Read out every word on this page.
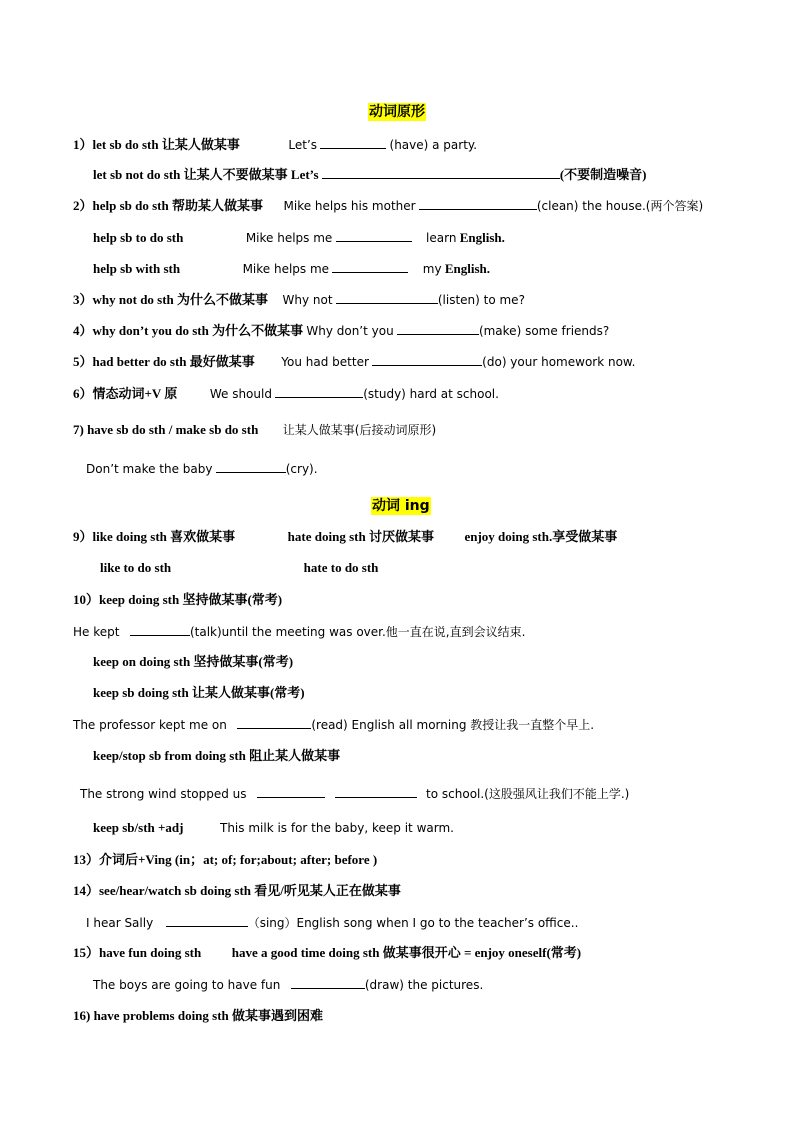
动词原形
1）let sb do sth 让某人做某事	Let’s	(have) a party.
let sb not do sth 让某人不要做某事 Let’s	(不要制造噪音)
2）help sb do sth 帮助某人做某事 Mike helps his mother	(clean) the house.(两个答案)
help sb to do sth	Mike helps me	learn English.
help sb with sth	Mike helps me	my English.
3）why not do sth 为什么不做某事 Why not	(listen) to me?
4）why don’t you do sth 为什么不做某事 Why don’t you	(make) some friends?
5）had better do sth 最好做某事 You had better	(do) your homework now.
6）情态动词+V 原	We should	(study) hard at school.
7) have sb do sth / make sb do sth 让某人做某事(后接动词原形)
Don’t make the baby	(cry).
动词 ing
9）like doing sth 喜欢做某事	hate doing sth 讨厌做某事 enjoy doing sth.享受做某事
like to do sth	hate to do sth
10）keep doing sth 坚持做某事(常考)
He kept	(talk)until the meeting was over.他一直在说,直到会议结束.
keep on doing sth 坚持做某事(常考)
keep sb doing sth 让某人做某事(常考)
The professor kept me on	(read) English all morning 教授让我一直整个早上.
keep/stop sb from doing sth 阻止某人做某事
The strong wind stopped us	to school.(这股强风让我们不能上学.)
keep sb/sth +adj	This milk is for the baby, keep it warm.
13）介词后+Ving (in；at; of; for;about; after; before )
14）see/hear/watch sb doing sth 看见/听见某人正在做某事
I hear Sally	（sing）English song when I go to the teacher’s office..
15）have fun doing sth have a good time doing sth 做某事很开心 = enjoy oneself(常考)
The boys are going to have fun	(draw) the pictures.
16) have problems doing sth 做某事遇到困难
